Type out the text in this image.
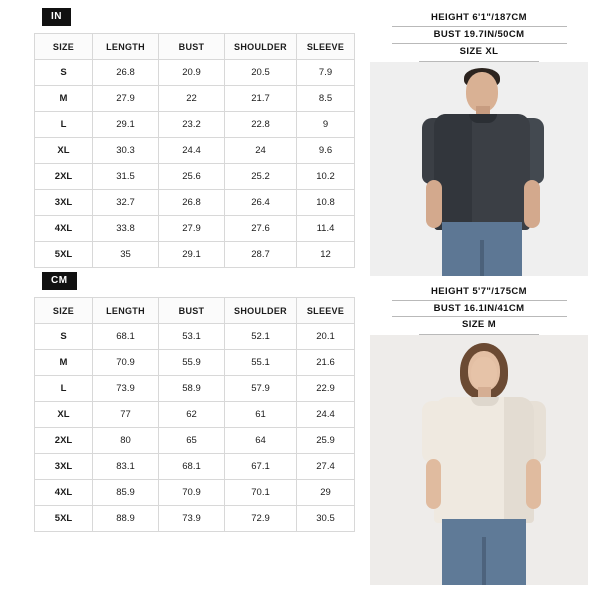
IN
SIZE	LENGTH	BUST	SHOULDER	SLEEVE
S	26.8	20.9	20.5	7.9
M	27.9	22	21.7	8.5
L	29.1	23.2	22.8	9
XL	30.3	24.4	24	9.6
2XL	31.5	25.6	25.2	10.2
3XL	32.7	26.8	26.4	10.8
4XL	33.8	27.9	27.6	11.4
5XL	35	29.1	28.7	12
CM
SIZE	LENGTH	BUST	SHOULDER	SLEEVE
S	68.1	53.1	52.1	20.1
M	70.9	55.9	55.1	21.6
L	73.9	58.9	57.9	22.9
XL	77	62	61	24.4
2XL	80	65	64	25.9
3XL	83.1	68.1	67.1	27.4
4XL	85.9	70.9	70.1	29
5XL	88.9	73.9	72.9	30.5
HEIGHT 6'1"/187CM
BUST 19.7IN/50CM
SIZE XL
HEIGHT 5'7"/175CM
BUST 16.1IN/41CM
SIZE M
